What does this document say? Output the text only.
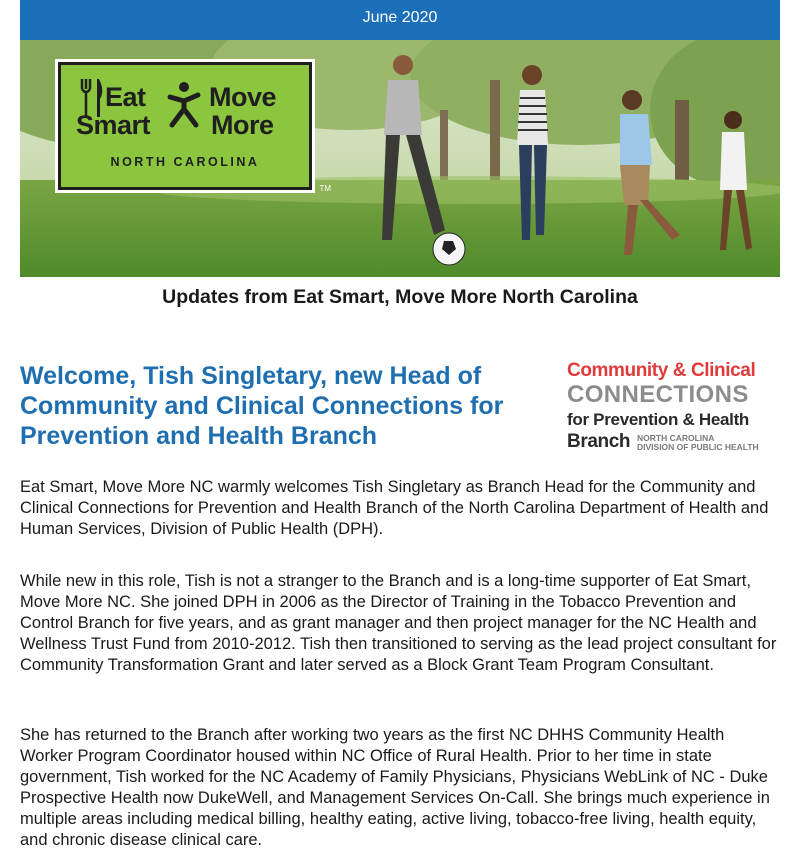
June 2020
Eat
Smart
Move
More
NORTH CAROLINA
TM
Updates from Eat Smart, Move More North Carolina
Welcome, Tish Singletary, new Head of Community and Clinical Connections for Prevention and Health Branch
Community & Clinical
CONNECTIONS
for Prevention & Health
Branch NORTH CAROLINA
DIVISION OF PUBLIC HEALTH

Eat Smart, Move More NC warmly welcomes Tish Singletary as Branch Head for the Community and Clinical Connections for Prevention and Health Branch of the North Carolina Department of Health and Human Services, Division of Public Health (DPH).

While new in this role, Tish is not a stranger to the Branch and is a long-time supporter of Eat Smart, Move More NC. She joined DPH in 2006 as the Director of Training in the Tobacco Prevention and Control Branch for five years, and as grant manager and then project manager for the NC Health and Wellness Trust Fund from 2010-2012. Tish then transitioned to serving as the lead project consultant for Community Transformation Grant and later served as a Block Grant Team Program Consultant.

She has returned to the Branch after working two years as the first NC DHHS Community Health Worker Program Coordinator housed within NC Office of Rural Health. Prior to her time in state government, Tish worked for the NC Academy of Family Physicians, Physicians WebLink of NC - Duke Prospective Health now DukeWell, and Management Services On-Call. She brings much experience in multiple areas including medical billing, healthy eating, active living, tobacco-free living, health equity, and chronic disease clinical care.
